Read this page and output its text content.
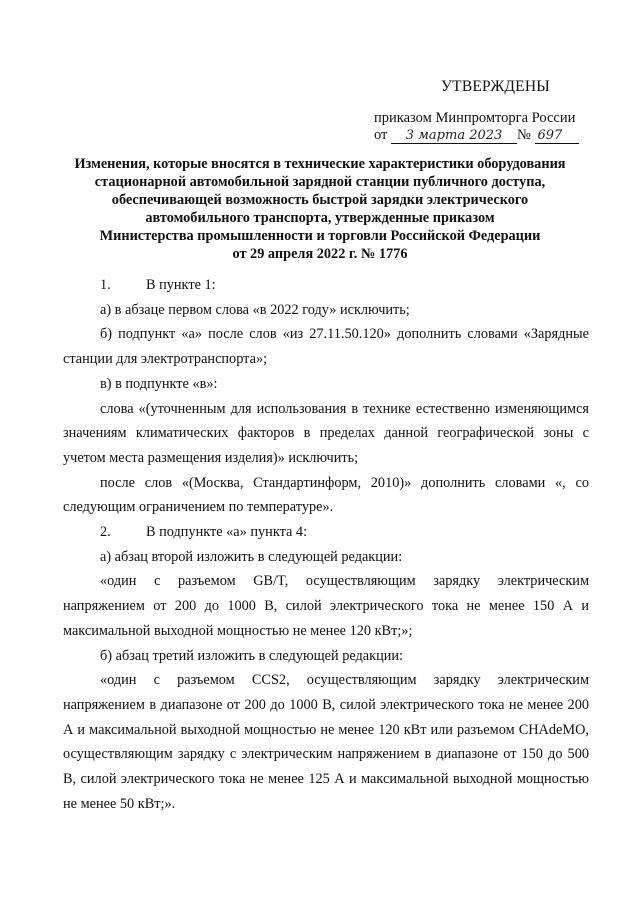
УТВЕРЖДЕНЫ
приказом Минпромторга России
от 3 марта 2023 № 697
Изменения, которые вносятся в технические характеристики оборудования
стационарной автомобильной зарядной станции публичного доступа,
обеспечивающей возможность быстрой зарядки электрического
автомобильного транспорта, утвержденные приказом
Министерства промышленности и торговли Российской Федерации
от 29 апреля 2022 г. № 1776

1. В пункте 1:

а) в абзаце первом слова «в 2022 году» исключить;

б) подпункт «а» после слов «из 27.11.50.120» дополнить словами «Зарядные станции для электротранспорта»;

в) в подпункте «в»:

слова «(уточненным для использования в технике естественно изменяющимся значениям климатических факторов в пределах данной географической зоны с учетом места размещения изделия)» исключить;

после слов «(Москва, Стандартинформ, 2010)» дополнить словами «, со следующим ограничением по температуре».

2. В подпункте «а» пункта 4:

а) абзац второй изложить в следующей редакции:

«один с разъемом GB/T, осуществляющим зарядку электрическим напряжением от 200 до 1000 В, силой электрического тока не менее 150 А и максимальной выходной мощностью не менее 120 кВт;»;

б) абзац третий изложить в следующей редакции:

«один с разъемом CCS2, осуществляющим зарядку электрическим напряжением в диапазоне от 200 до 1000 В, силой электрического тока не менее 200 А и максимальной выходной мощностью не менее 120 кВт или разъемом CHAdeMO, осуществляющим зарядку с электрическим напряжением в диапазоне от 150 до 500 В, силой электрического тока не менее 125 А и максимальной выходной мощностью не менее 50 кВт;».
